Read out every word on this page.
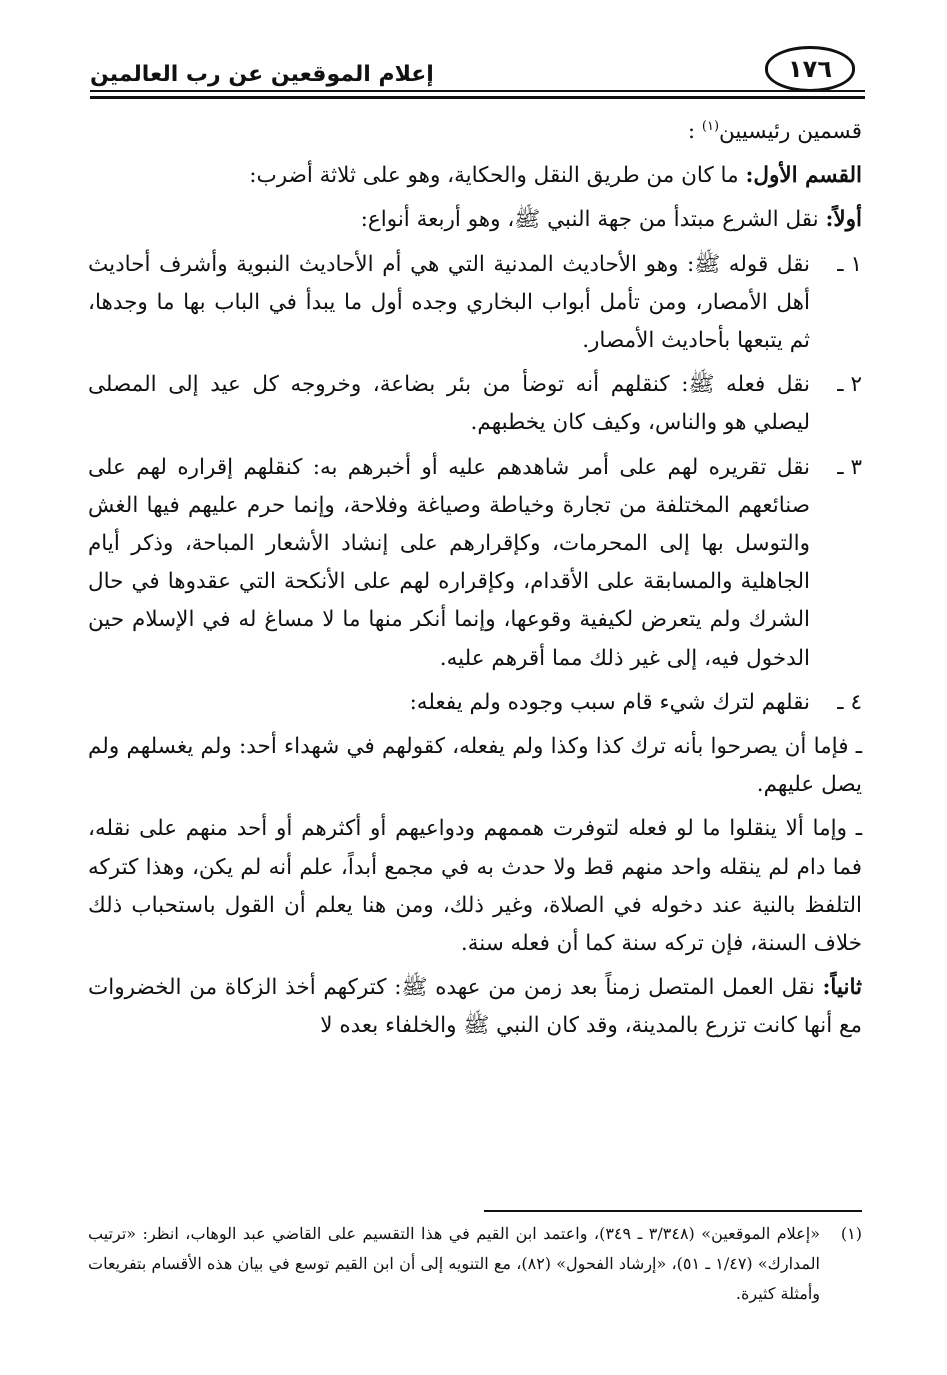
١٧٦
إعلام الموقعين عن رب العالمين

قسمين رئيسيين$^{(١)}$ :

القسم الأول: ما كان من طريق النقل والحكاية، وهو على ثلاثة أضرب:

أولاً: نقل الشرع مبتدأ من جهة النبي ﷺ، وهو أربعة أنواع:

١ ـ
نقل قوله ﷺ: وهو الأحاديث المدنية التي هي أم الأحاديث النبوية وأشرف أحاديث أهل الأمصار، ومن تأمل أبواب البخاري وجده أول ما يبدأ في الباب بها ما وجدها، ثم يتبعها بأحاديث الأمصار.

٢ ـ
نقل فعله ﷺ: كنقلهم أنه توضأ من بئر بضاعة، وخروجه كل عيد إلى المصلى ليصلي هو والناس، وكيف كان يخطبهم.

٣ ـ
نقل تقريره لهم على أمر شاهدهم عليه أو أخبرهم به: كنقلهم إقراره لهم على صنائعهم المختلفة من تجارة وخياطة وصياغة وفلاحة، وإنما حرم عليهم فيها الغش والتوسل بها إلى المحرمات، وكإقرارهم على إنشاد الأشعار المباحة، وذكر أيام الجاهلية والمسابقة على الأقدام، وكإقراره لهم على الأنكحة التي عقدوها في حال الشرك ولم يتعرض لكيفية وقوعها، وإنما أنكر منها ما لا مساغ له في الإسلام حين الدخول فيه، إلى غير ذلك مما أقرهم عليه.

٤ ـ
نقلهم لترك شيء قام سبب وجوده ولم يفعله:

ـ فإما أن يصرحوا بأنه ترك كذا وكذا ولم يفعله، كقولهم في شهداء أحد: ولم يغسلهم ولم يصل عليهم.

ـ وإما ألا ينقلوا ما لو فعله لتوفرت هممهم ودواعيهم أو أكثرهم أو أحد منهم على نقله، فما دام لم ينقله واحد منهم قط ولا حدث به في مجمع أبداً، علم أنه لم يكن، وهذا كتركه التلفظ بالنية عند دخوله في الصلاة، وغير ذلك، ومن هنا يعلم أن القول باستحباب ذلك خلاف السنة، فإن تركه سنة كما أن فعله سنة.

ثانياً: نقل العمل المتصل زمناً بعد زمن من عهده ﷺ: كتركهم أخذ الزكاة من الخضروات مع أنها كانت تزرع بالمدينة، وقد كان النبي ﷺ والخلفاء بعده لا

(١)
«إعلام الموقعين» (٣/٣٤٨ ـ ٣٤٩)، واعتمد ابن القيم في هذا التقسيم على القاضي عبد الوهاب، انظر: «ترتيب المدارك» (١/٤٧ ـ ٥١)، «إرشاد الفحول» (٨٢)، مع التنويه إلى أن ابن القيم توسع في بيان هذه الأقسام بتفريعات وأمثلة كثيرة.
